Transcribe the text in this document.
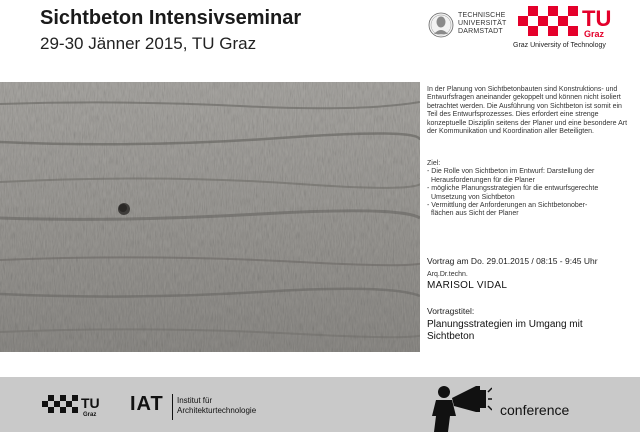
Sichtbeton Intensivseminar
29-30 Jänner 2015, TU Graz
TECHNISCHE
UNIVERSITÄT
DARMSTADT
TU
Graz
Graz University of Technology

In der Planung von Sichtbetonbauten sind Konstruktions- und Entwurfsfragen aneinander gekoppelt und können nicht isoliert betrachtet werden. Die Ausführung von Sichtbeton ist somit ein Teil des Entwurfsprozesses. Dies erfordert eine strenge konzeptuelle Disziplin seitens der Planer und eine besondere Art der Kommunikation und Koordination aller Beteiligten.

Ziel:
- Die Rolle von Sichtbeton im Entwurf: Darstellung der
Herausforderungen für die Planer
- mögliche Planungsstrategien für die entwurfsgerechte
Umsetzung von Sichtbeton
- Vermittlung der Anforderungen an Sichtbetonober-
flächen aus Sicht der Planer
Vortrag am Do. 29.01.2015 / 08:15 - 9:45 Uhr
Arq.Dr.techn.
MARISOL VIDAL
Vortragstitel:
Planungsstrategien im Umgang mit Sichtbeton
TU
Graz IAT Institut für
Architekturtechnologie	conference
